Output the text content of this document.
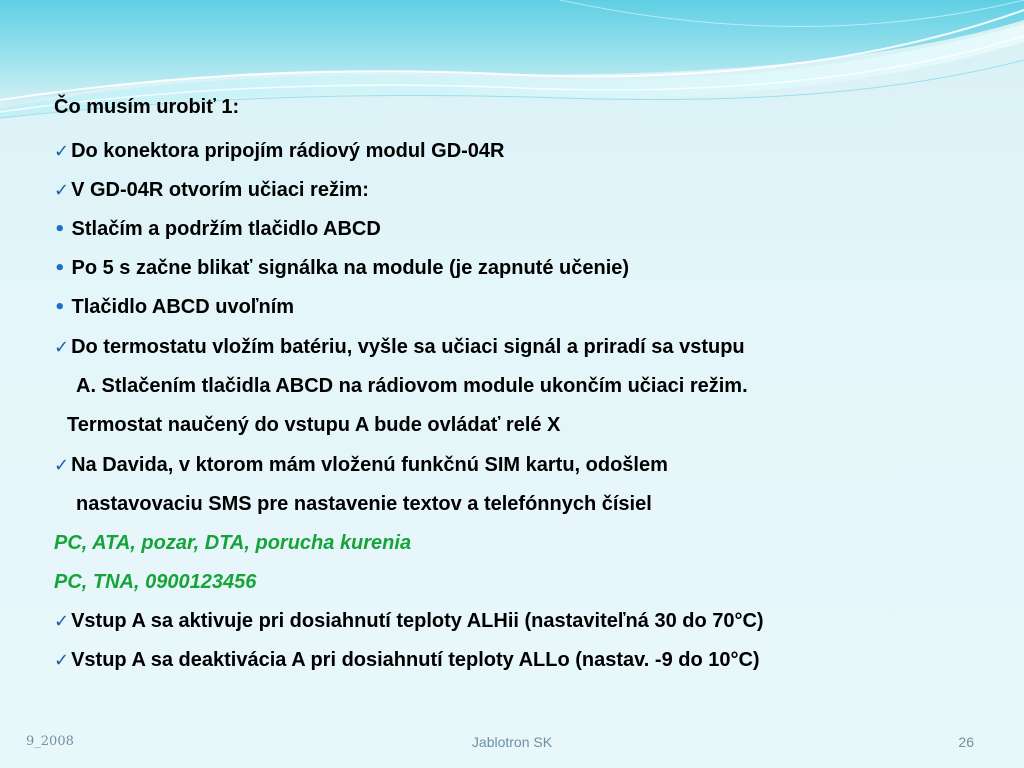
Čo musím urobiť 1:
✓ Do konektora pripojím rádiový modul GD-04R
✓ V GD-04R otvorím učiaci režim:
• Stlačím a podržím tlačidlo ABCD
• Po 5 s začne blikať signálka na module (je zapnuté učenie)
• Tlačidlo ABCD uvoľním
✓ Do termostatu vložím batériu, vyšle sa učiaci signál a priradí sa vstupu
A. Stlačením tlačidla ABCD na rádiovom module ukončím učiaci režim.
Termostat naučený do vstupu A bude ovládať relé X
✓ Na Davida, v ktorom mám vloženú funkčnú SIM kartu, odošlem
nastavovaciu SMS pre nastavenie textov a telefónnych čísiel
PC, ATA, pozar, DTA, porucha kurenia
PC, TNA, 0900123456
✓ Vstup A sa aktivuje pri dosiahnutí teploty ALHii (nastaviteľná 30 do 70°C)
✓ Vstup A sa deaktivácia A pri dosiahnutí teploty ALLo (nastav. -9 do 10°C)
Jablotron SK
9_2008	26
